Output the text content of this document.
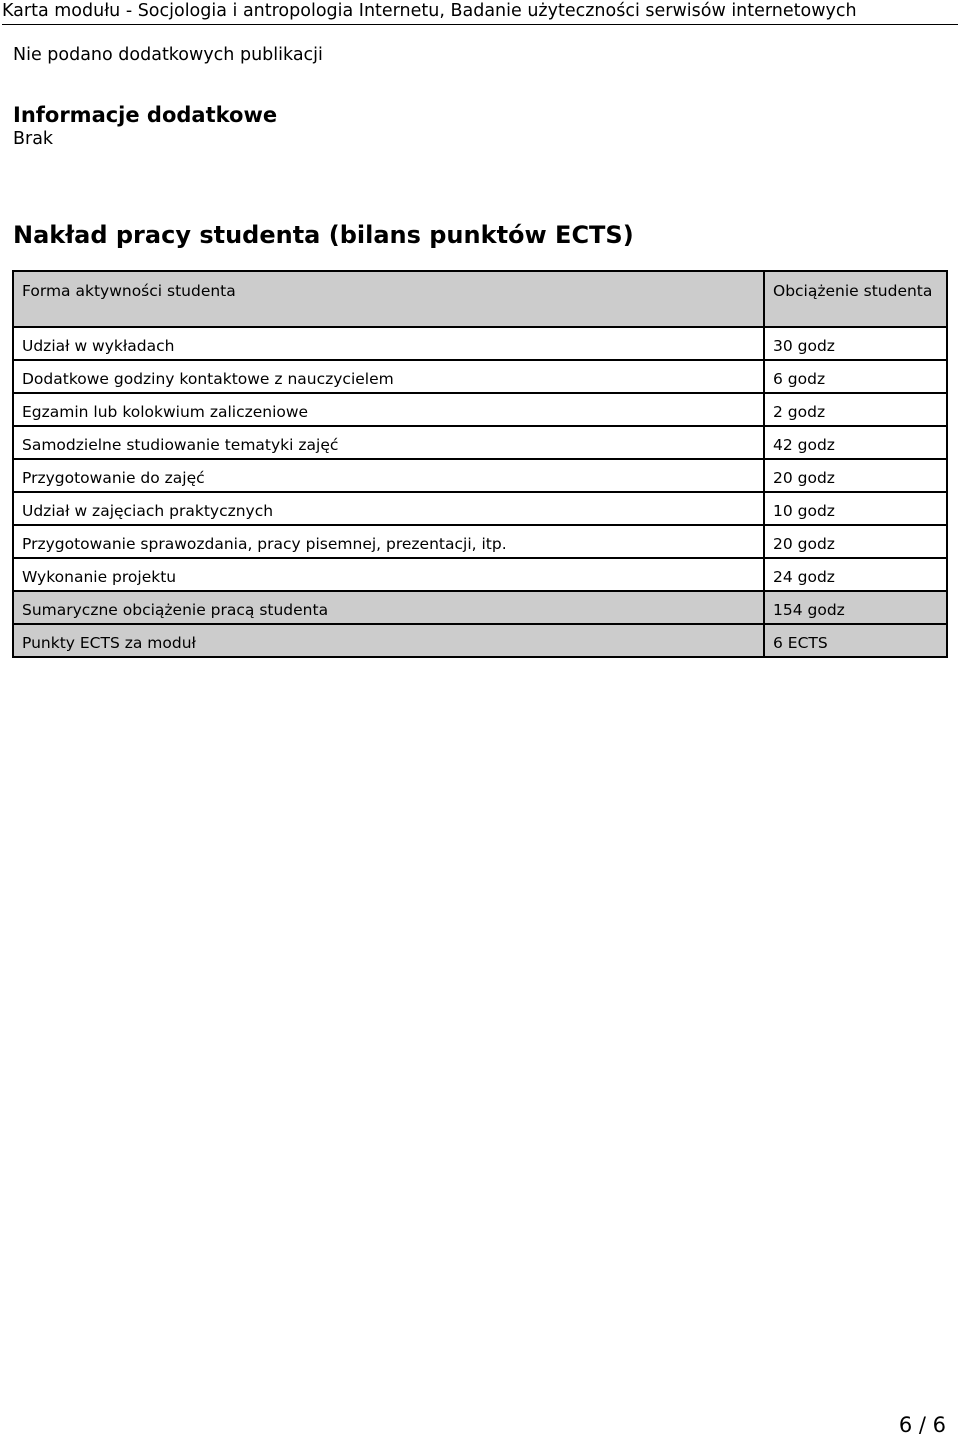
Karta modułu - Socjologia i antropologia Internetu, Badanie użyteczności serwisów internetowych
Nie podano dodatkowych publikacji
Informacje dodatkowe
Brak
Nakład pracy studenta (bilans punktów ECTS)
Forma aktywności studenta	Obciążenie studenta
Udział w wykładach	30 godz
Dodatkowe godziny kontaktowe z nauczycielem	6 godz
Egzamin lub kolokwium zaliczeniowe	2 godz
Samodzielne studiowanie tematyki zajęć	42 godz
Przygotowanie do zajęć	20 godz
Udział w zajęciach praktycznych	10 godz
Przygotowanie sprawozdania, pracy pisemnej, prezentacji, itp.	20 godz
Wykonanie projektu	24 godz
Sumaryczne obciążenie pracą studenta	154 godz
Punkty ECTS za moduł	6 ECTS
6 / 6
